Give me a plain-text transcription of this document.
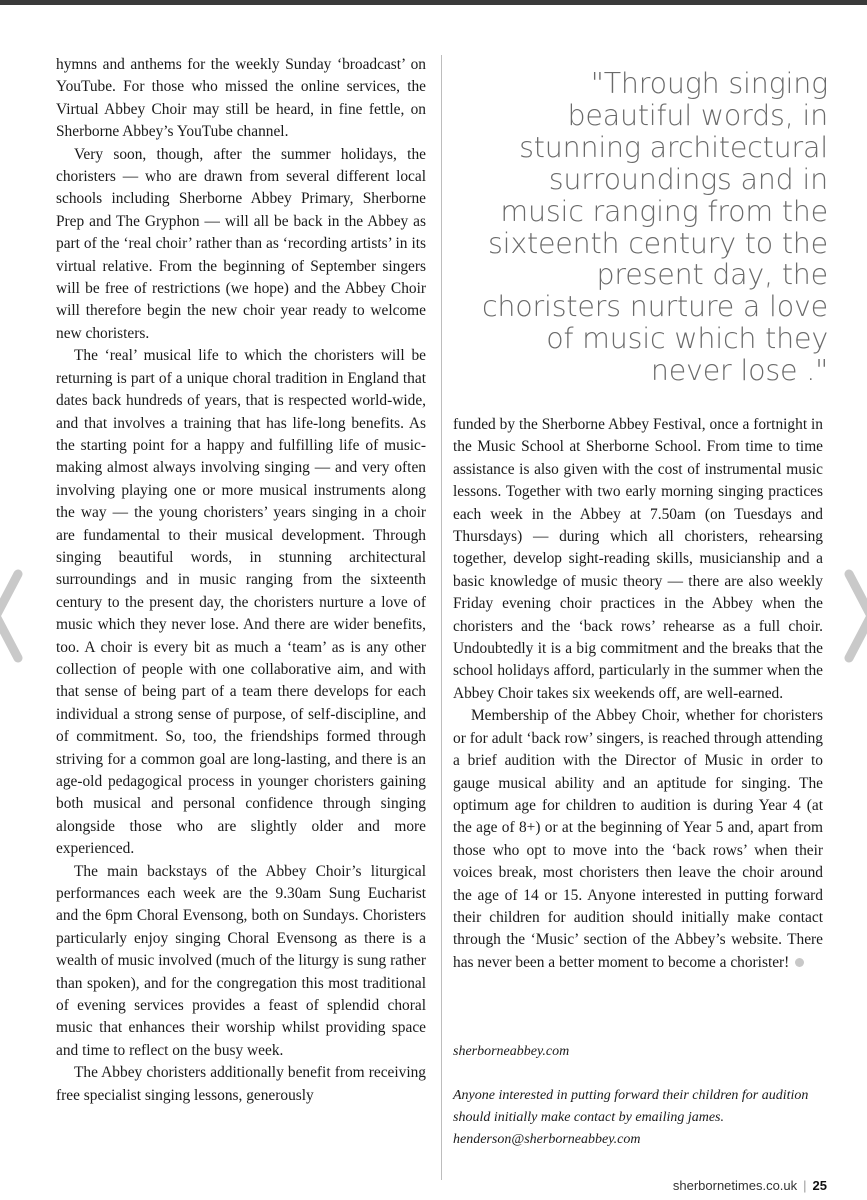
hymns and anthems for the weekly Sunday ‘broadcast’ on YouTube. For those who missed the online services, the Virtual Abbey Choir may still be heard, in fine fettle, on Sherborne Abbey’s YouTube channel.

Very soon, though, after the summer holidays, the choristers — who are drawn from several different local schools including Sherborne Abbey Primary, Sherborne Prep and The Gryphon — will all be back in the Abbey as part of the ‘real choir’ rather than as ‘recording artists’ in its virtual relative. From the beginning of September singers will be free of restrictions (we hope) and the Abbey Choir will therefore begin the new choir year ready to welcome new choristers.

The ‘real’ musical life to which the choristers will be returning is part of a unique choral tradition in England that dates back hundreds of years, that is respected world-wide, and that involves a training that has life-long benefits. As the starting point for a happy and fulfilling life of music-making almost always involving singing — and very often involving playing one or more musical instruments along the way — the young choristers’ years singing in a choir are fundamental to their musical development. Through singing beautiful words, in stunning architectural surroundings and in music ranging from the sixteenth century to the present day, the choristers nurture a love of music which they never lose. And there are wider benefits, too. A choir is every bit as much a ‘team’ as is any other collection of people with one collaborative aim, and with that sense of being part of a team there develops for each individual a strong sense of purpose, of self-discipline, and of commitment. So, too, the friendships formed through striving for a common goal are long-lasting, and there is an age-old pedagogical process in younger choristers gaining both musical and personal confidence through singing alongside those who are slightly older and more experienced.

The main backstays of the Abbey Choir’s liturgical performances each week are the 9.30am Sung Eucharist and the 6pm Choral Evensong, both on Sundays. Choristers particularly enjoy singing Choral Evensong as there is a wealth of music involved (much of the liturgy is sung rather than spoken), and for the congregation this most traditional of evening services provides a feast of splendid choral music that enhances their worship whilst providing space and time to reflect on the busy week.

The Abbey choristers additionally benefit from receiving free specialist singing lessons, generously

"Through singing beautiful words, in stunning architectural surroundings and in music ranging from the sixteenth century to the present day, the choristers nurture a love of music which they never lose ."

funded by the Sherborne Abbey Festival, once a fortnight in the Music School at Sherborne School. From time to time assistance is also given with the cost of instrumental music lessons. Together with two early morning singing practices each week in the Abbey at 7.50am (on Tuesdays and Thursdays) — during which all choristers, rehearsing together, develop sight-reading skills, musicianship and a basic knowledge of music theory — there are also weekly Friday evening choir practices in the Abbey when the choristers and the ‘back rows’ rehearse as a full choir. Undoubtedly it is a big commitment and the breaks that the school holidays afford, particularly in the summer when the Abbey Choir takes six weekends off, are well-earned.

Membership of the Abbey Choir, whether for choristers or for adult ‘back row’ singers, is reached through attending a brief audition with the Director of Music in order to gauge musical ability and an aptitude for singing. The optimum age for children to audition is during Year 4 (at the age of 8+) or at the beginning of Year 5 and, apart from those who opt to move into the ‘back rows’ when their voices break, most choristers then leave the choir around the age of 14 or 15. Anyone interested in putting forward their children for audition should initially make contact through the ‘Music’ section of the Abbey’s website. There has never been a better moment to become a chorister!

sherborneabbey.com

Anyone interested in putting forward their children for audition should initially make contact by emailing james. henderson@sherborneabbey.com

sherbornetimes.co.uk | 25
